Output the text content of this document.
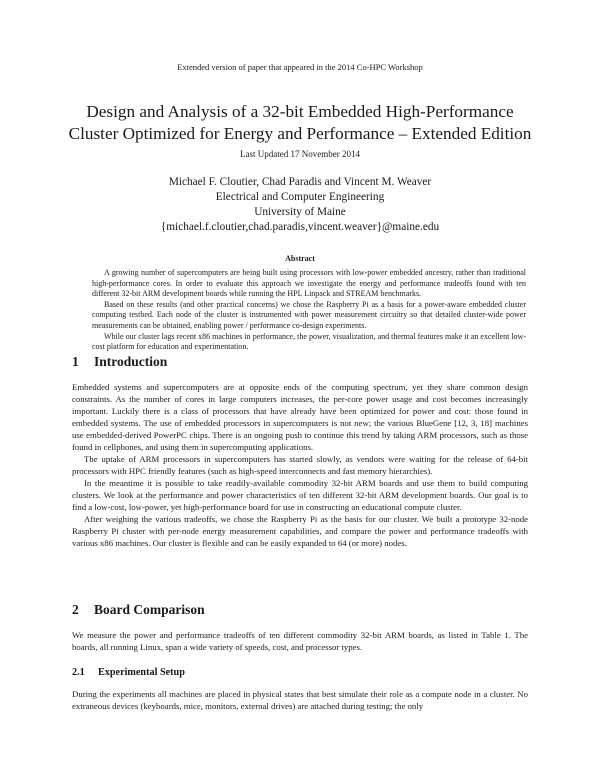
Extended version of paper that appeared in the 2014 Co-HPC Workshop
Design and Analysis of a 32-bit Embedded High-Performance
Cluster Optimized for Energy and Performance – Extended Edition
Last Updated 17 November 2014
Michael F. Cloutier, Chad Paradis and Vincent M. Weaver
Electrical and Computer Engineering
University of Maine
{michael.f.cloutier,chad.paradis,vincent.weaver}@maine.edu
Abstract

A growing number of supercomputers are being built using processors with low-power embedded ancestry, rather than traditional high-performance cores. In order to evaluate this approach we investigate the energy and performance tradeoffs found with ten different 32-bit ARM development boards while running the HPL Linpack and STREAM benchmarks.

Based on these results (and other practical concerns) we chose the Raspberry Pi as a basis for a power-aware embedded cluster computing testbed. Each node of the cluster is instrumented with power measurement circuitry so that detailed cluster-wide power measurements can be obtained, enabling power / performance co-design experiments.

While our cluster lags recent x86 machines in performance, the power, visualization, and thermal features make it an excellent low-cost platform for education and experimentation.

1 Introduction

Embedded systems and supercomputers are at opposite ends of the computing spectrum, yet they share common design constraints. As the number of cores in large computers increases, the per-core power usage and cost becomes increasingly important. Luckily there is a class of processors that have already have been optimized for power and cost: those found in embedded systems. The use of embedded processors in supercomputers is not new; the various BlueGene [12, 3, 18] machines use embedded-derived PowerPC chips. There is an ongoing push to continue this trend by taking ARM processors, such as those found in cellphones, and using them in supercomputing applications.

The uptake of ARM processors in supercomputers has started slowly, as vendors were waiting for the release of 64-bit processors with HPC friendly features (such as high-speed interconnects and fast memory hierarchies).

In the meantime it is possible to take readily-available commodity 32-bit ARM boards and use them to build computing clusters. We look at the performance and power characteristics of ten different 32-bit ARM development boards. Our goal is to find a low-cost, low-power, yet high-performance board for use in constructing an educational compute cluster.

After weighing the various tradeoffs, we chose the Raspberry Pi as the basis for our cluster. We built a prototype 32-node Raspberry Pi cluster with per-node energy measurement capabilities, and compare the power and performance tradeoffs with various x86 machines. Our cluster is flexible and can be easily expanded to 64 (or more) nodes.

2 Board Comparison

We measure the power and performance tradeoffs of ten different commodity 32-bit ARM boards, as listed in Table 1. The boards, all running Linux, span a wide variety of speeds, cost, and processor types.

2.1 Experimental Setup

During the experiments all machines are placed in physical states that best simulate their role as a compute node in a cluster. No extraneous devices (keyboards, mice, monitors, external drives) are attached during testing; the only
